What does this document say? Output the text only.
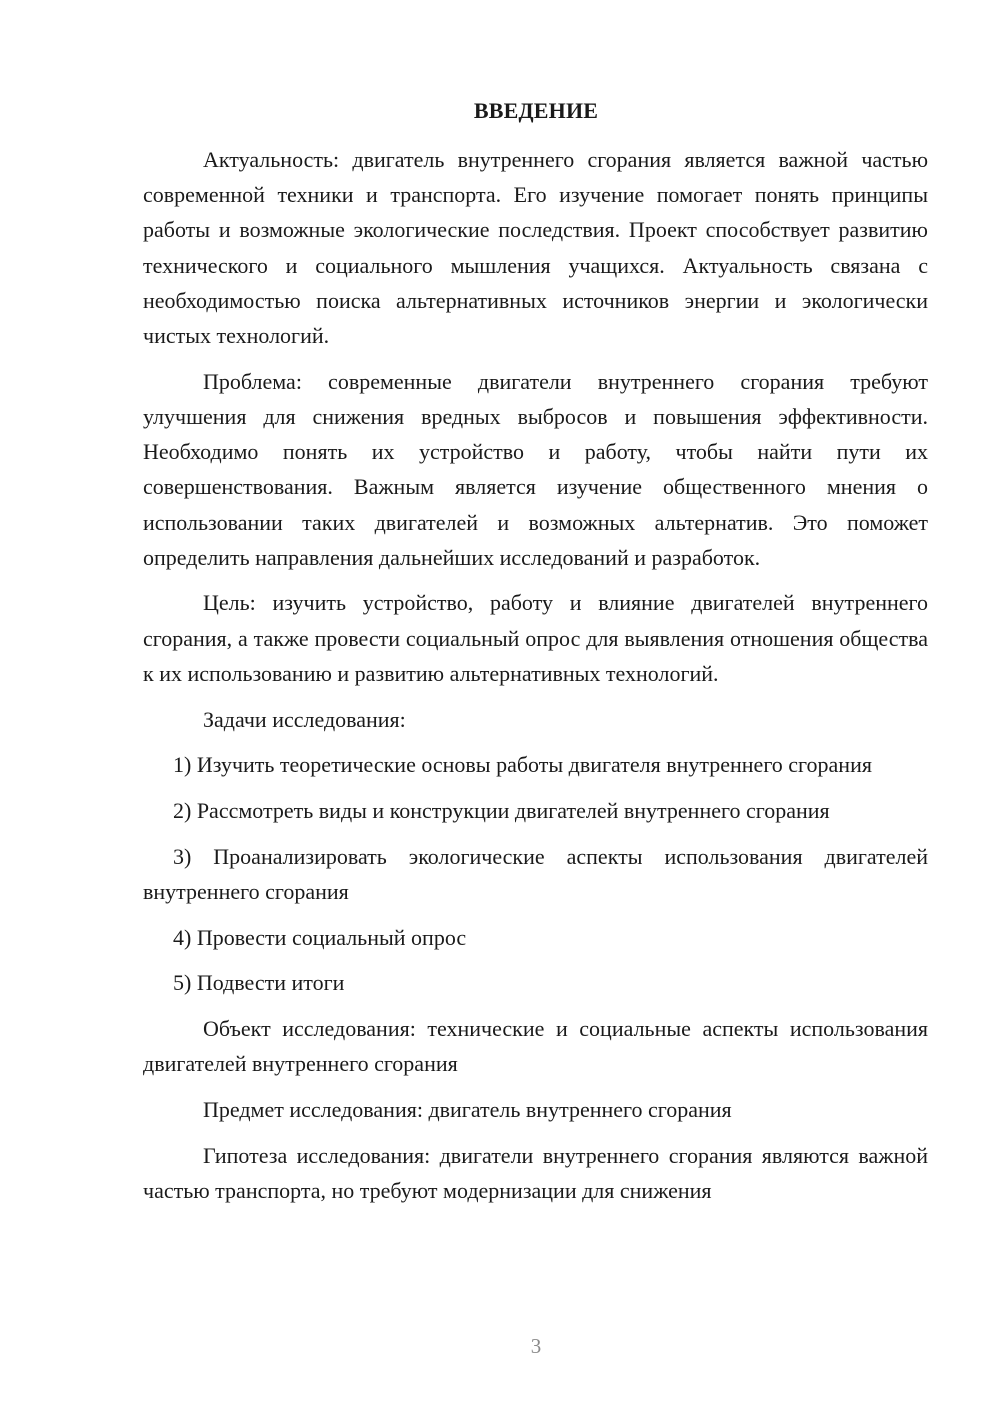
ВВЕДЕНИЕ

Актуальность: двигатель внутреннего сгорания является важной частью современной техники и транспорта. Его изучение помогает понять принципы работы и возможные экологические последствия. Проект способствует развитию технического и социального мышления учащихся. Актуальность связана с необходимостью поиска альтернативных источников энергии и экологически чистых технологий.

Проблема: современные двигатели внутреннего сгорания требуют улучшения для снижения вредных выбросов и повышения эффективности. Необходимо понять их устройство и работу, чтобы найти пути их совершенствования. Важным является изучение общественного мнения о использовании таких двигателей и возможных альтернатив. Это поможет определить направления дальнейших исследований и разработок.

Цель: изучить устройство, работу и влияние двигателей внутреннего сгорания, а также провести социальный опрос для выявления отношения общества к их использованию и развитию альтернативных технологий.

Задачи исследования:

1) Изучить теоретические основы работы двигателя внутреннего сгорания

2) Рассмотреть виды и конструкции двигателей внутреннего сгорания

3) Проанализировать экологические аспекты использования двигателей внутреннего сгорания

4) Провести социальный опрос

5) Подвести итоги

Объект исследования: технические и социальные аспекты использования двигателей внутреннего сгорания

Предмет исследования: двигатель внутреннего сгорания

Гипотеза исследования: двигатели внутреннего сгорания являются важной частью транспорта, но требуют модернизации для снижения

3
